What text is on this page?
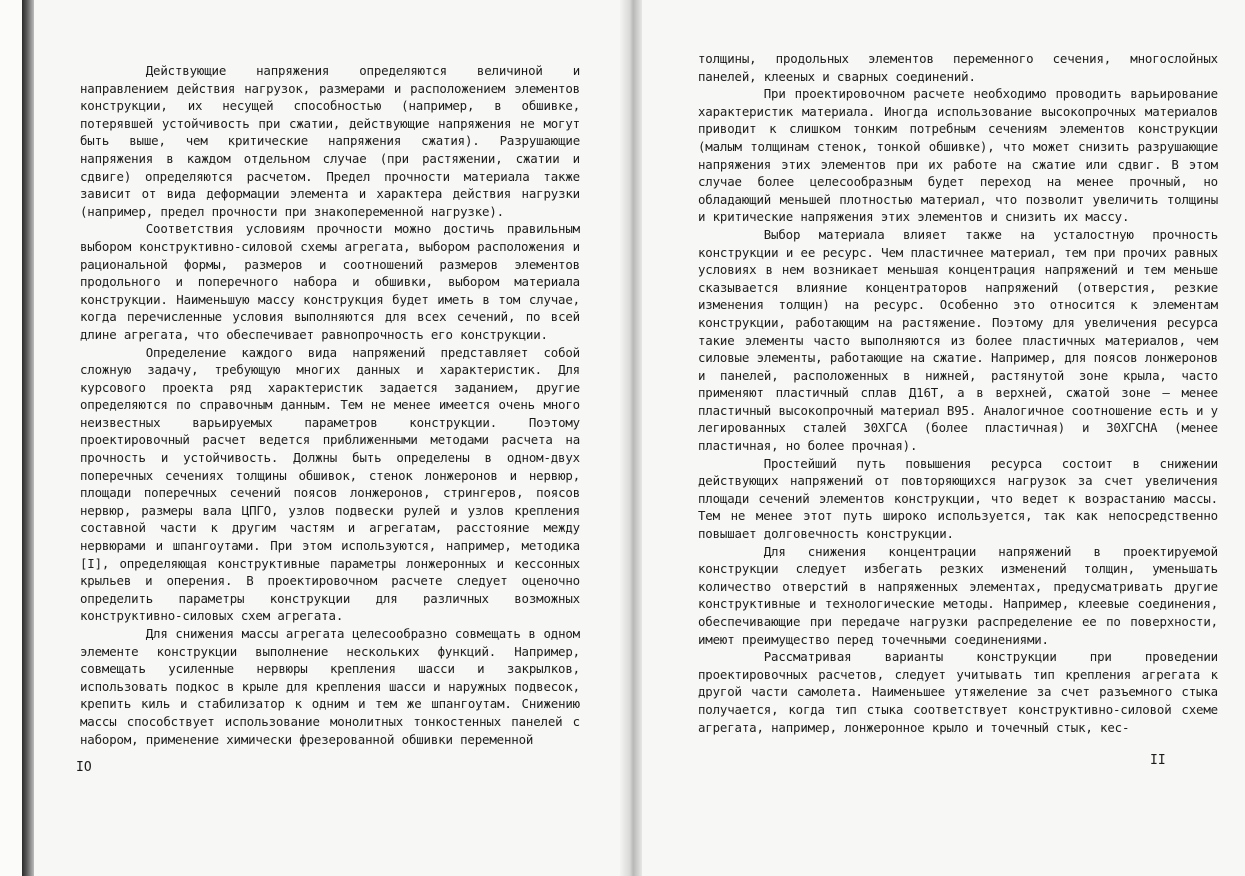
Действующие напряжения определяются величиной и направлением действия нагрузок, размерами и расположением элементов конструкции, их несущей способностью (например, в обшивке, потерявшей устойчивость при сжатии, действующие напряжения не могут быть выше, чем критические напряжения сжатия). Разрушающие напряжения в каждом отдельном случае (при растяжении, сжатии и сдвиге) определяются расчетом. Предел прочности материала также зависит от вида деформации элемента и характера действия нагрузки (например, предел прочности при знакопеременной нагрузке).

Соответствия условиям прочности можно достичь правильным выбором конструктивно-силовой схемы агрегата, выбором расположения и рациональной формы, размеров и соотношений размеров элементов продольного и поперечного набора и обшивки, выбором материала конструкции. Наименьшую массу конструкция будет иметь в том случае, когда перечисленные условия выполняются для всех сечений, по всей длине агрегата, что обеспечивает равнопрочность его конструкции.

Определение каждого вида напряжений представляет собой сложную задачу, требующую многих данных и характеристик. Для курсового проекта ряд характеристик задается заданием, другие определяются по справочным данным. Тем не менее имеется очень много неизвестных варьируемых параметров конструкции. Поэтому проектировочный расчет ведется приближенными методами расчета на прочность и устойчивость. Должны быть определены в одном-двух поперечных сечениях толщины обшивок, стенок лонжеронов и нервюр, площади поперечных сечений поясов лонжеронов, стрингеров, поясов нервюр, размеры вала ЦПГО, узлов подвески рулей и узлов крепления составной части к другим частям и агрегатам, расстояние между нервюрами и шпангоутами. При этом используются, например, методика [I], определяющая конструктивные параметры лонжеронных и кессонных крыльев и оперения. В проектировочном расчете следует оценочно определить параметры конструкции для различных возможных конструктивно-силовых схем агрегата.

Для снижения массы агрегата целесообразно совмещать в одном элементе конструкции выполнение нескольких функций. Например, совмещать усиленные нервюры крепления шасси и закрылков, использовать подкос в крыле для крепления шасси и наружных подвесок, крепить киль и стабилизатор к одним и тем же шпангоутам. Снижению массы способствует использование монолитных тонкостенных панелей с набором, применение химически фрезерованной обшивки переменной

IO

толщины, продольных элементов переменного сечения, многослойных панелей, клееных и сварных соединений.

При проектировочном расчете необходимо проводить варьирование характеристик материала. Иногда использование высокопрочных материалов приводит к слишком тонким потребным сечениям элементов конструкции (малым толщинам стенок, тонкой обшивке), что может снизить разрушающие напряжения этих элементов при их работе на сжатие или сдвиг. В этом случае более целесообразным будет переход на менее прочный, но обладающий меньшей плотностью материал, что позволит увеличить толщины и критические напряжения этих элементов и снизить их массу.

Выбор материала влияет также на усталостную прочность конструкции и ее ресурс. Чем пластичнее материал, тем при прочих равных условиях в нем возникает меньшая концентрация напряжений и тем меньше сказывается влияние концентраторов напряжений (отверстия, резкие изменения толщин) на ресурс. Особенно это относится к элементам конструкции, работающим на растяжение. Поэтому для увеличения ресурса такие элементы часто выполняются из более пластичных материалов, чем силовые элементы, работающие на сжатие. Например, для поясов лонжеронов и панелей, расположенных в нижней, растянутой зоне крыла, часто применяют пластичный сплав Д16Т, а в верхней, сжатой зоне – менее пластичный высокопрочный материал В95. Аналогичное соотношение есть и у легированных сталей 30ХГСА (более пластичная) и 30ХГСНА (менее пластичная, но более прочная).

Простейший путь повышения ресурса состоит в снижении действующих напряжений от повторяющихся нагрузок за счет увеличения площади сечений элементов конструкции, что ведет к возрастанию массы. Тем не менее этот путь широко используется, так как непосредственно повышает долговечность конструкции.

Для снижения концентрации напряжений в проектируемой конструкции следует избегать резких изменений толщин, уменьшать количество отверстий в напряженных элементах, предусматривать другие конструктивные и технологические методы. Например, клеевые соединения, обеспечивающие при передаче нагрузки распределение ее по поверхности, имеют преимущество перед точечными соединениями.

Рассматривая варианты конструкции при проведении проектировочных расчетов, следует учитывать тип крепления агрегата к другой части самолета. Наименьшее утяжеление за счет разъемного стыка получается, когда тип стыка соответствует конструктивно-силовой схеме агрегата, например, лонжеронное крыло и точечный стык, кес-

II
